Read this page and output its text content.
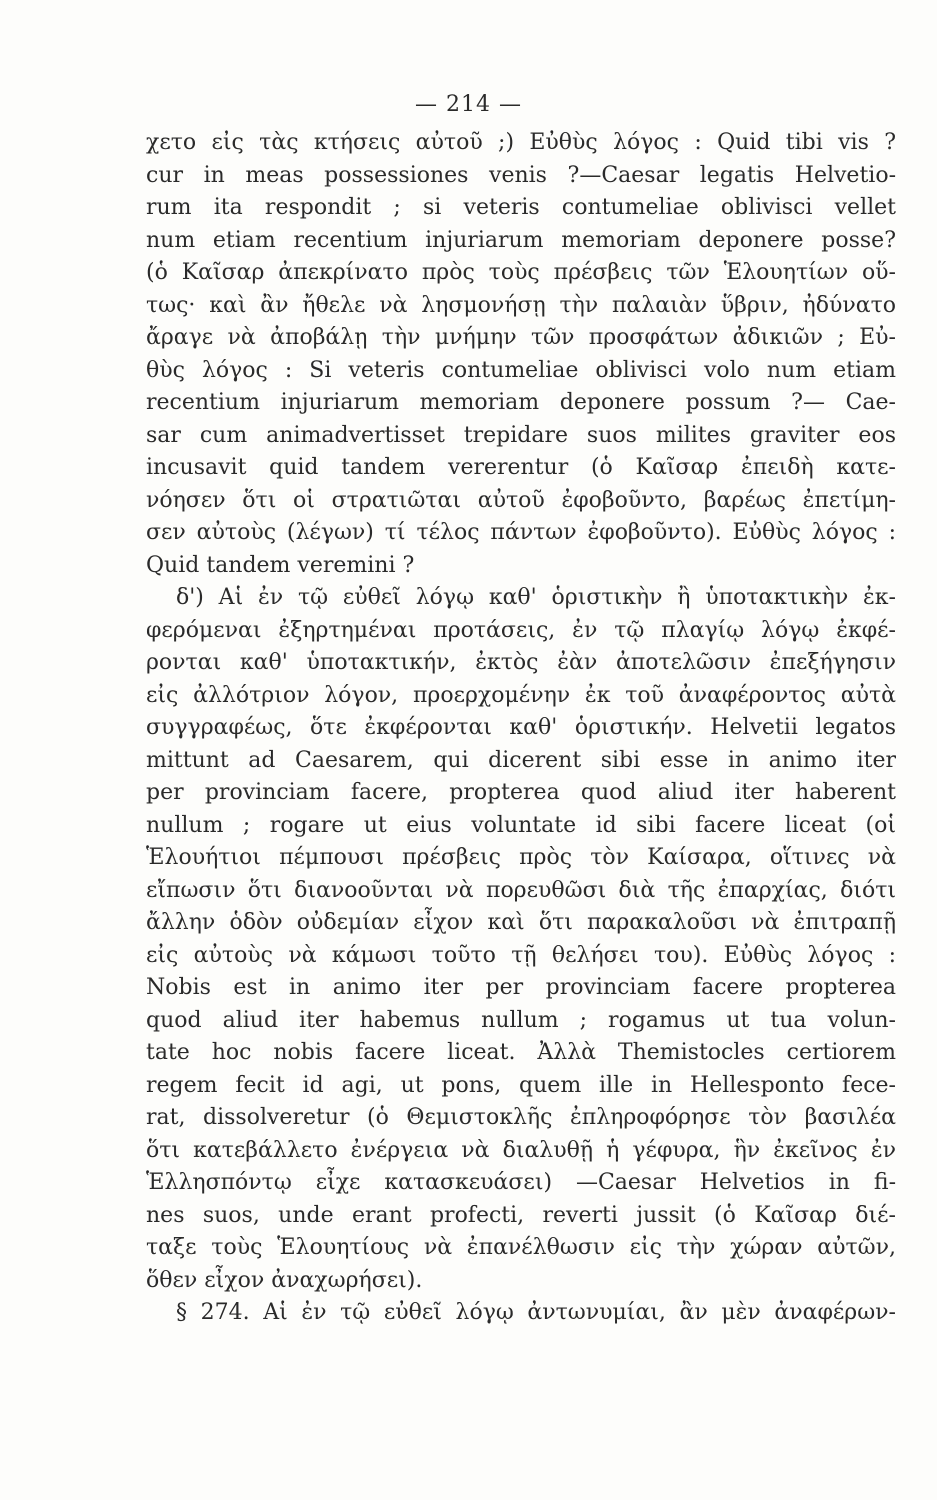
— 214 —
χετο εἰς τὰς κτήσεις αὐτοῦ ;) Εὐθὺς λόγος : Quid tibi vis ?
cur in meas possessiones venis ?—Caesar legatis Helvetio-
rum ita respondit ; si veteris contumeliae oblivisci vellet
num etiam recentium injuriarum memoriam deponere posse?
(ὁ Καῖσαρ ἀπεκρίνατο πρὸς τοὺς πρέσβεις τῶν Ἑλουητίων οὕ-
τως· καὶ ἂν ἤθελε νὰ λησμονήσῃ τὴν παλαιὰν ὕβριν, ἠδύνατο
ἄραγε νὰ ἀποβάλῃ τὴν μνήμην τῶν προσφάτων ἀδικιῶν ; Εὐ-
θὺς λόγος : Si veteris contumeliae oblivisci volo num etiam
recentium injuriarum memoriam deponere possum ?— Cae-
sar cum animadvertisset trepidare suos milites graviter eos
incusavit quid tandem vererentur (ὁ Καῖσαρ ἐπειδὴ κατε-
νόησεν ὅτι οἱ στρατιῶται αὐτοῦ ἐφοβοῦντο, βαρέως ἐπετίμη-
σεν αὐτοὺς (λέγων) τί τέλος πάντων ἐφοβοῦντο). Εὐθὺς λόγος :
Quid tandem veremini ?
δ') Αἱ ἐν τῷ εὐθεῖ λόγῳ καθ' ὁριστικὴν ἢ ὑποτακτικὴν ἐκ-
φερόμεναι ἐξηρτημέναι προτάσεις, ἐν τῷ πλαγίῳ λόγῳ ἐκφέ-
ρονται καθ' ὑποτακτικήν, ἐκτὸς ἐὰν ἀποτελῶσιν ἐπεξήγησιν
εἰς ἀλλότριον λόγον, προερχομένην ἐκ τοῦ ἀναφέροντος αὐτὰ
συγγραφέως, ὅτε ἐκφέρονται καθ' ὁριστικήν. Helvetii legatos
mittunt ad Caesarem, qui dicerent sibi esse in animo iter
per provinciam facere, propterea quod aliud iter haberent
nullum ; rogare ut eius voluntate id sibi facere liceat (οἱ
Ἑλουήτιοι πέμπουσι πρέσβεις πρὸς τὸν Καίσαρα, οἵτινες νὰ
εἴπωσιν ὅτι διανοοῦνται νὰ πορευθῶσι διὰ τῆς ἐπαρχίας, διότι
ἄλλην ὁδὸν οὐδεμίαν εἶχον καὶ ὅτι παρακαλοῦσι νὰ ἐπιτραπῇ
εἰς αὐτοὺς νὰ κάμωσι τοῦτο τῇ θελήσει του). Εὐθὺς λόγος :
Nobis est in animo iter per provinciam facere propterea
quod aliud iter habemus nullum ; rogamus ut tua volun-
tate hoc nobis facere liceat. Ἀλλὰ Themistocles certiorem
regem fecit id agi, ut pons, quem ille in Hellesponto fece-
rat, dissolveretur (ὁ Θεμιστοκλῆς ἐπληροφόρησε τὸν βασιλέα
ὅτι κατεβάλλετο ἐνέργεια νὰ διαλυθῇ ἡ γέφυρα, ἣν ἐκεῖνος ἐν
Ἑλλησπόντῳ εἶχε κατασκευάσει) —Caesar Helvetios in fi-
nes suos, unde erant profecti, reverti jussit (ὁ Καῖσαρ διέ-
ταξε τοὺς Ἑλουητίους νὰ ἐπανέλθωσιν εἰς τὴν χώραν αὐτῶν,
ὅθεν εἶχον ἀναχωρήσει).
§ 274. Αἱ ἐν τῷ εὐθεῖ λόγῳ ἀντωνυμίαι, ἂν μὲν ἀναφέρων-
